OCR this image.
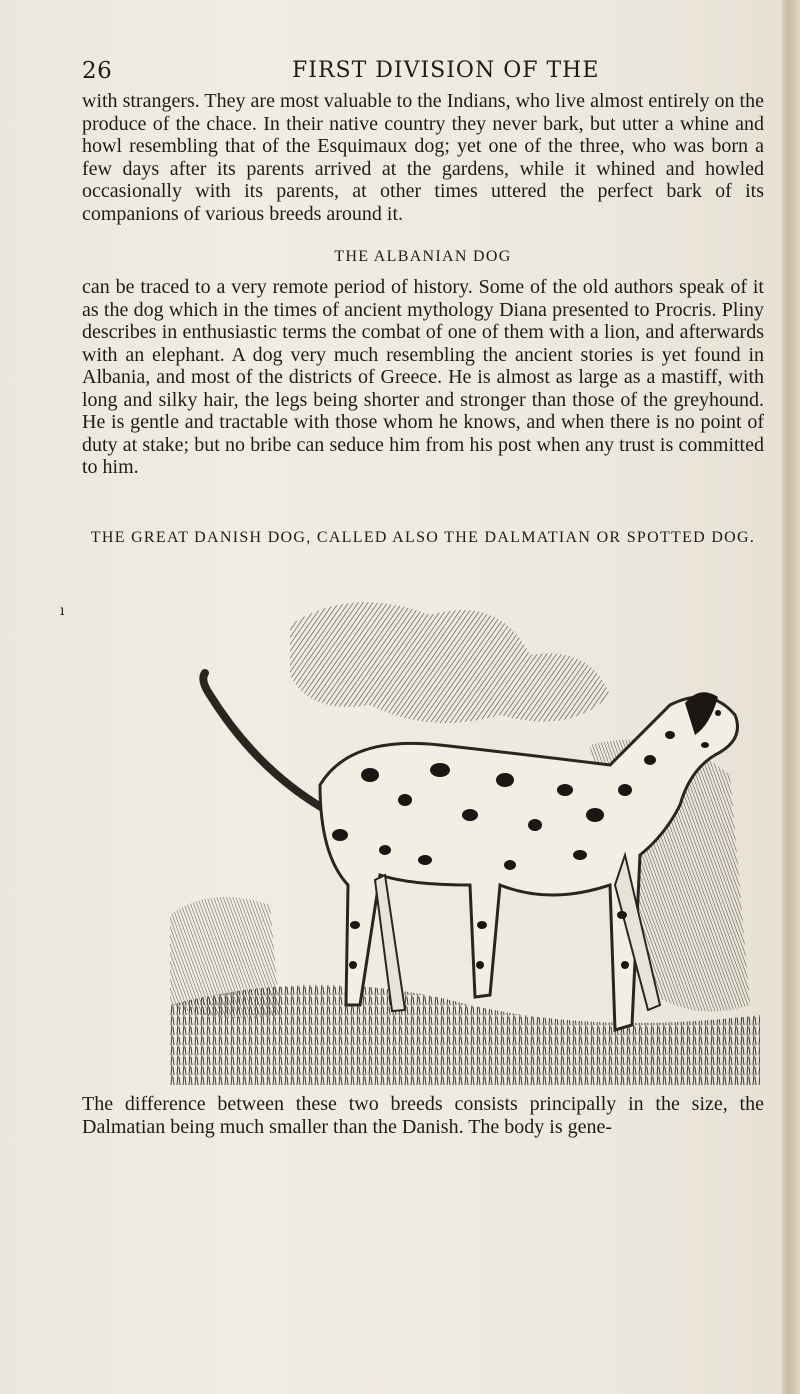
26	FIRST DIVISION OF THE
with strangers. They are most valuable to the Indians, who live almost entirely on the produce of the chace. In their native country they never bark, but utter a whine and howl resembling that of the Esquimaux dog; yet one of the three, who was born a few days after its parents arrived at the gardens, while it whined and howled occasionally with its parents, at other times uttered the perfect bark of its companions of various breeds around it.
THE ALBANIAN DOG
can be traced to a very remote period of history. Some of the old authors speak of it as the dog which in the times of ancient mythology Diana presented to Procris. Pliny describes in enthusiastic terms the combat of one of them with a lion, and afterwards with an elephant. A dog very much resembling the ancient stories is yet found in Albania, and most of the districts of Greece. He is almost as large as a mastiff, with long and silky hair, the legs being shorter and stronger than those of the greyhound. He is gentle and tractable with those whom he knows, and when there is no point of duty at stake; but no bribe can seduce him from his post when any trust is committed to him.
THE GREAT DANISH DOG, CALLED ALSO THE DALMATIAN OR SPOTTED DOG.
ı
The difference between these two breeds consists principally in the size, the Dalmatian being much smaller than the Danish. The body is gene-
